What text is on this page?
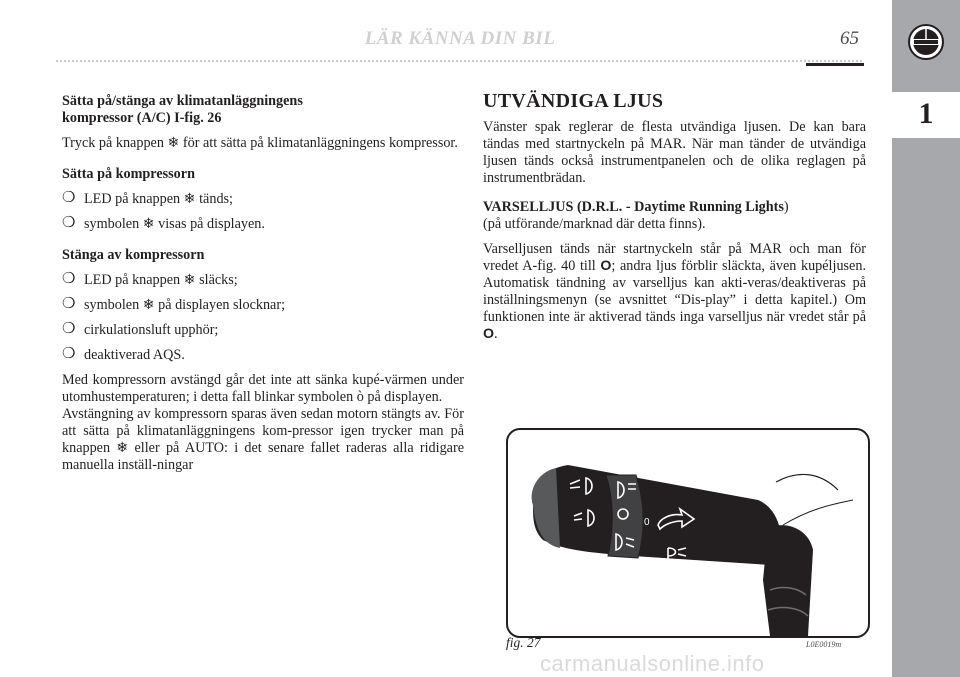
LÄR KÄNNA DIN BIL	65
1
Sätta på/stänga av klimatanläggningens
kompressor (A/C) I-fig. 26

Tryck på knappen ❄ för att sätta på klimatanläggningens kompressor.

Sätta på kompressorn
❍ LED på knappen ❄ tänds;
❍ symbolen ❄ visas på displayen.
Stänga av kompressorn
❍ LED på knappen ❄ släcks;
❍ symbolen ❄ på displayen slocknar;
❍ cirkulationsluft upphör;
❍ deaktiverad AQS.

Med kompressorn avstängd går det inte att sänka kupé-värmen under utomhustemperaturen; i detta fall blinkar symbolen ò på displayen.

Avstängning av kompressorn sparas även sedan motorn stängts av. För att sätta på klimatanläggningens kom-pressor igen trycker man på knappen ❄ eller på AUTO: i det senare fallet raderas alla ridigare manuella inställ-ningar

UTVÄNDIGA LJUS

Vänster spak reglerar de flesta utvändiga ljusen. De kan bara tändas med startnyckeln på MAR. När man tänder de utvändiga ljusen tänds också instrumentpanelen och de olika reglagen på instrumentbrädan.

VARSELLJUS (D.R.L. - Daytime Running Lights)
(på utförande/marknad där detta finns).

Varselljusen tänds när startnyckeln står på MAR och man för vredet A-fig. 40 till O; andra ljus förblir släckta, även kupéljusen. Automatisk tändning av varselljus kan akti-veras/deaktiveras på inställningsmenyn (se avsnittet “Dis-play” i detta kapitel.) Om funktionen inte är aktiverad tänds inga varselljus när vredet står på O.

0
fig. 27	L0E0019m
carmanualsonline.info
